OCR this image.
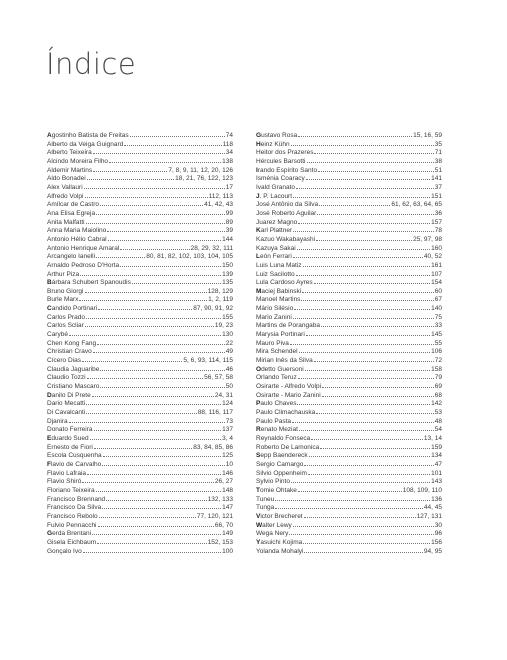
Índice
Agostinho Batista de Freitas	74
Alberto da Veiga Guignard	118
Alberto Teixeira	34
Alcindo Moreira Filho	138
Aldemir Martins	7, 8, 9, 11, 12, 20, 126
Aldo Bonadei	18, 21, 76, 122, 123
Alex Vallauri	17
Alfredo Volpi	112, 113
Amílcar de Castro	41, 42, 43
Ana Elisa Egreja	99
Anita Malfatti	89
Anna Maria Maiolino	39
Antonio Hélio Cabral	144
Antonio Henrique Amaral	28, 29, 32, 111
Arcangelo Ianelli	80, 81, 82, 102, 103, 104, 105
Arnaldo Pedroso D'Horta	150
Arthur Piza	139
Bárbara Schubert Spanoudis	135
Bruno Giorgi	128, 129
Burle Marx	1, 2, 119
Candido Portinari	87, 90, 91, 92
Carlos Prado	155
Carlos Scliar	19, 23
Carybé	130
Chen Kong Fang	22
Christian Cravo	49
Cícero Dias	5, 6, 93, 114, 115
Claudia Jaguaribe	46
Claudio Tozzi	56, 57, 58
Cristiano Mascaro	50
Danilo Di Prete	24, 31
Dario Mecatti	124
Di Cavalcanti	88, 116, 117
Djanira	73
Donato Ferreira	137
Eduardo Sued	3, 4
Ernesto de Fiori	83, 84, 85, 86
Escola Cusquenha	125
Flavio de Carvalho	10
Flavio Lafraia	146
Flavio Shiró	26, 27
Floriano Teixeira	148
Francisco Brennand	132, 133
Francisco Da Silva	147
Francisco Rebolo	77, 120, 121
Fulvio Pennacchi	66, 70
Gerda Brentani	149
Gisela Eichbaum	152, 153
Gonçalo Ivo	100
Gustavo Rosa	15, 16, 59
Heinz Kühn	35
Heitor dos Prazeres	71
Hércules Barsotti	38
Irando Espírito Santo	51
Isménia Coaracy	141
Ivald Granato	37
J. P. Lacourt	151
José Antônio da Silva	61, 62, 63, 64, 65
José Roberto Aguilar	36
Juarez Magno	157
Karl Plattner	78
Kazuo Wakabayashi	25, 97, 98
Kazuya Sakai	160
León Ferrari	40, 52
Luis Luna Matiz	161
Luiz Sacilotto	107
Lula Cardoso Ayres	154
Maciej Babinski	60
Manoel Martins	67
Mário Silésio	140
Mario Zanini	75
Martins de Porangaba	33
Marysia Portinari	145
Mauro Piva	55
Mira Schendel	106
Mirian Inês da Silva	72
Odetto Guersoni	158
Orlando Teruz	79
Osirarte - Alfredo Volpi	69
Osirarte - Mario Zanini	68
Paulo Chaves	142
Paulo Climachauska	53
Paulo Pasta	48
Renato Meziat	54
Reynaldo Fonseca	13, 14
Roberto De Lamonica	159
Sepp Baendereck	134
Sergio Camargo	47
Silvio Oppenheim	101
Sylvio Pinto	143
Tomie Ohtake	108, 109, 110
Tuneu	136
Tunga	44, 45
Victor Brecheret	127, 131
Walter Lewy	30
Wega Nery	96
Yasuichi Kojima	156
Yolanda Mohalyi	94, 95
